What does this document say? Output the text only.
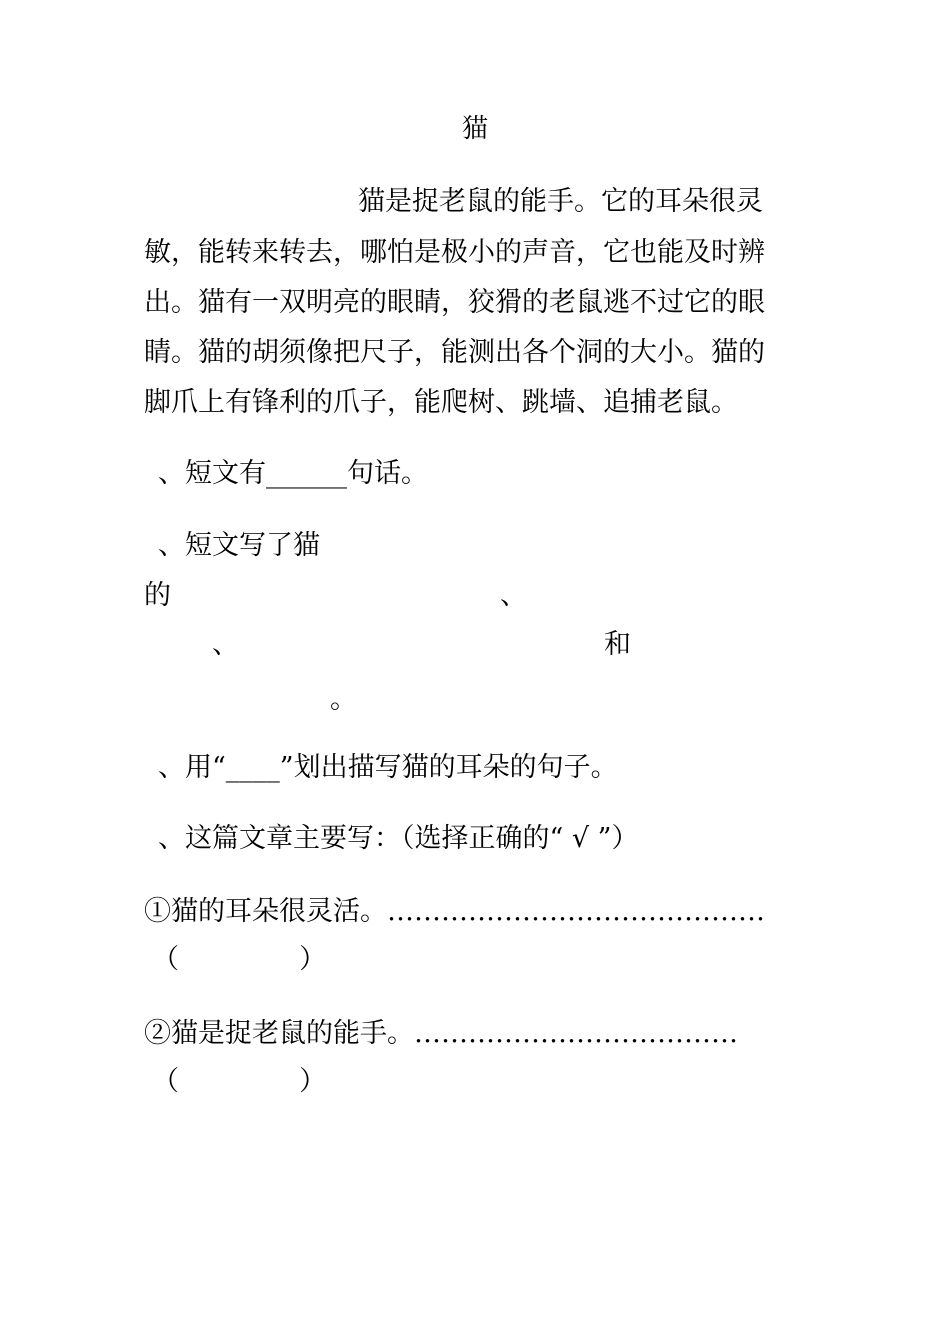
猫
猫是捉老鼠的能手。它的耳朵很灵
敏，能转来转去，哪怕是极小的声音，它也能及时辨
出。猫有一双明亮的眼睛，狡猾的老鼠逃不过它的眼
睛。猫的胡须像把尺子，能测出各个洞的大小。猫的
脚爪上有锋利的爪子，能爬树、跳墙、追捕老鼠。
、短文有______句话。
、短文写了猫
的	、
、	和
。
、用“____”划出描写猫的耳朵的句子。
、这篇文章主要写：（选择正确的“ √ ”）
①猫的耳朵很灵活。……………………………………
（              ）
②猫是捉老鼠的能手。………………………………
（              ）
